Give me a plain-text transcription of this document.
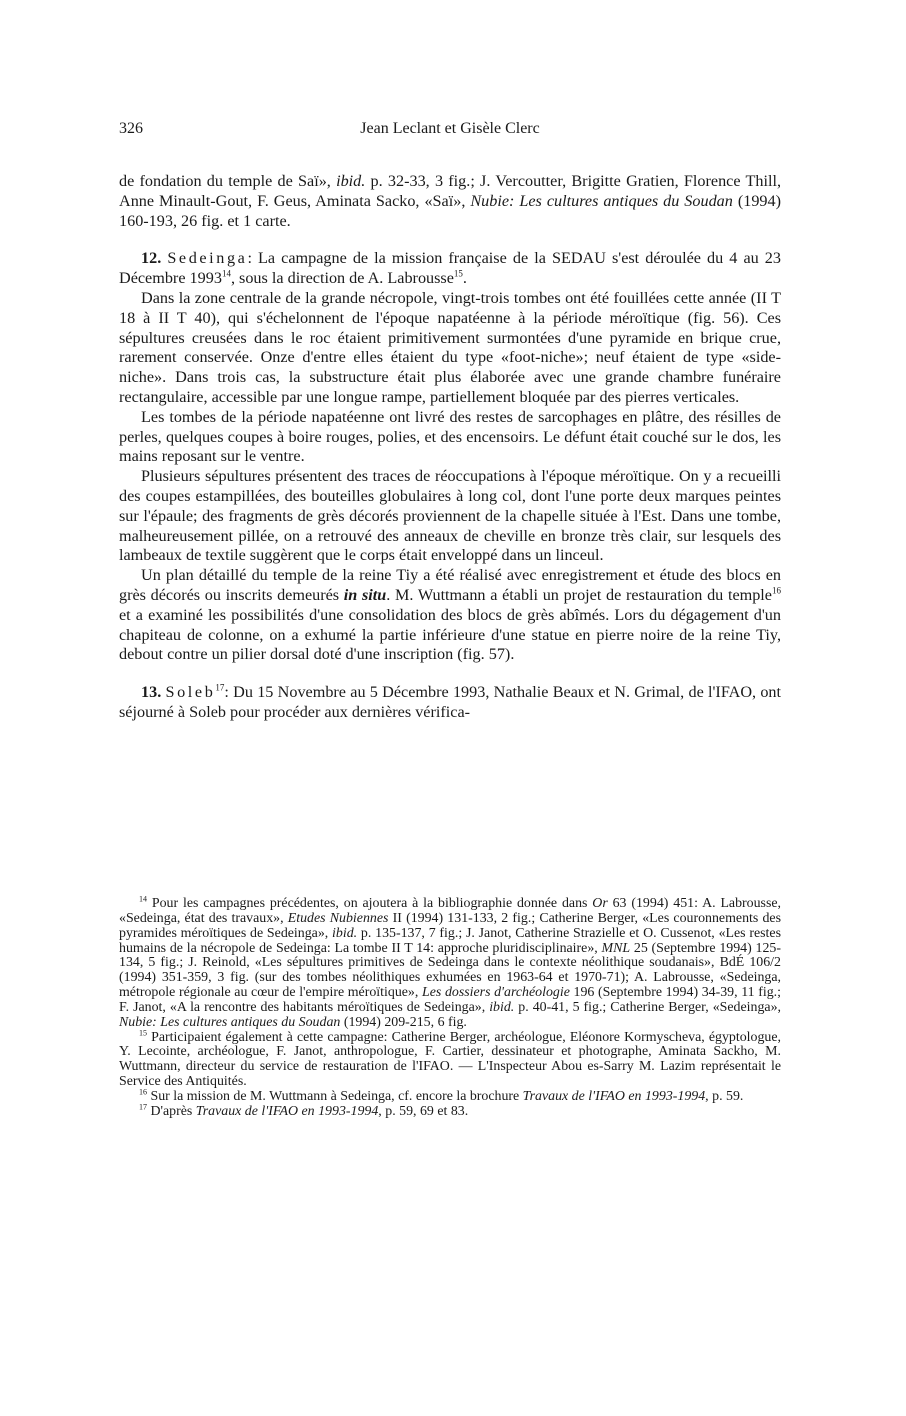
326	Jean Leclant et Gisèle Clerc

de fondation du temple de Saï», ibid. p. 32-33, 3 fig.; J. Vercoutter, Brigitte Gratien, Florence Thill, Anne Minault-Gout, F. Geus, Aminata Sacko, «Saï», Nubie: Les cultures antiques du Soudan (1994) 160-193, 26 fig. et 1 carte.

12. Sedeinga: La campagne de la mission française de la SEDAU s'est déroulée du 4 au 23 Décembre 1993$^{14}$, sous la direction de A. Labrousse$^{15}$.

Dans la zone centrale de la grande nécropole, vingt-trois tombes ont été fouillées cette année (II T 18 à II T 40), qui s'échelonnent de l'époque napatéenne à la période méroïtique (fig. 56). Ces sépultures creusées dans le roc étaient primitivement surmontées d'une pyramide en brique crue, rarement conservée. Onze d'entre elles étaient du type «foot-niche»; neuf étaient de type «side-niche». Dans trois cas, la substructure était plus élaborée avec une grande chambre funéraire rectangulaire, accessible par une longue rampe, partiellement bloquée par des pierres verticales.

Les tombes de la période napatéenne ont livré des restes de sarcophages en plâtre, des résilles de perles, quelques coupes à boire rouges, polies, et des encensoirs. Le défunt était couché sur le dos, les mains reposant sur le ventre.

Plusieurs sépultures présentent des traces de réoccupations à l'époque méroïtique. On y a recueilli des coupes estampillées, des bouteilles globulaires à long col, dont l'une porte deux marques peintes sur l'épaule; des fragments de grès décorés proviennent de la chapelle située à l'Est. Dans une tombe, malheureusement pillée, on a retrouvé des anneaux de cheville en bronze très clair, sur lesquels des lambeaux de textile suggèrent que le corps était enveloppé dans un linceul.

Un plan détaillé du temple de la reine Tiy a été réalisé avec enregistrement et étude des blocs en grès décorés ou inscrits demeurés in situ. M. Wuttmann a établi un projet de restauration du temple$^{16}$ et a examiné les possibilités d'une consolidation des blocs de grès abîmés. Lors du dégagement d'un chapiteau de colonne, on a exhumé la partie inférieure d'une statue en pierre noire de la reine Tiy, debout contre un pilier dorsal doté d'une inscription (fig. 57).

13. Soleb$^{17}$: Du 15 Novembre au 5 Décembre 1993, Nathalie Beaux et N. Grimal, de l'IFAO, ont séjourné à Soleb pour procéder aux dernières vérifica-

$^{14}$ Pour les campagnes précédentes, on ajoutera à la bibliographie donnée dans Or 63 (1994) 451: A. Labrousse, «Sedeinga, état des travaux», Etudes Nubiennes II (1994) 131-133, 2 fig.; Catherine Berger, «Les couronnements des pyramides méroïtiques de Sedeinga», ibid. p. 135-137, 7 fig.; J. Janot, Catherine Strazielle et O. Cussenot, «Les restes humains de la nécropole de Sedeinga: La tombe II T 14: approche pluridisciplinaire», MNL 25 (Septembre 1994) 125-134, 5 fig.; J. Reinold, «Les sépultures primitives de Sedeinga dans le contexte néolithique soudanais», BdÉ 106/2 (1994) 351-359, 3 fig. (sur des tombes néolithiques exhumées en 1963-64 et 1970-71); A. Labrousse, «Sedeinga, métropole régionale au cœur de l'empire méroïtique», Les dossiers d'archéologie 196 (Septembre 1994) 34-39, 11 fig.; F. Janot, «A la rencontre des habitants méroïtiques de Sedeinga», ibid. p. 40-41, 5 fig.; Catherine Berger, «Sedeinga», Nubie: Les cultures antiques du Soudan (1994) 209-215, 6 fig.

$^{15}$ Participaient également à cette campagne: Catherine Berger, archéologue, Eléonore Kormyscheva, égyptologue, Y. Lecointe, archéologue, F. Janot, anthropologue, F. Cartier, dessinateur et photographe, Aminata Sackho, M. Wuttmann, directeur du service de restauration de l'IFAO. — L'Inspecteur Abou es-Sarry M. Lazim représentait le Service des Antiquités.

$^{16}$ Sur la mission de M. Wuttmann à Sedeinga, cf. encore la brochure Travaux de l'IFAO en 1993-1994, p. 59.

$^{17}$ D'après Travaux de l'IFAO en 1993-1994, p. 59, 69 et 83.
